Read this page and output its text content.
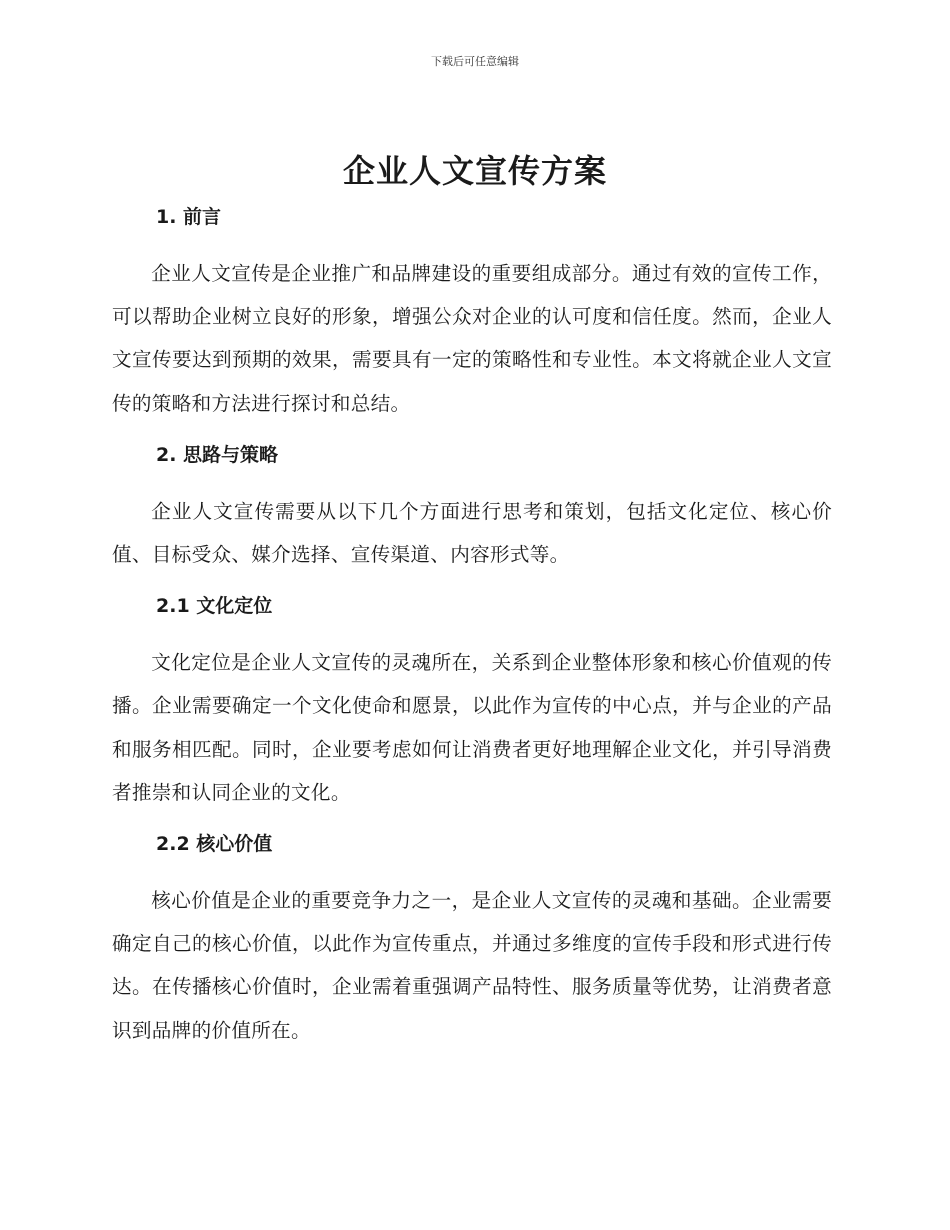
下载后可任意编辑
企业人文宣传方案
1. 前言

企业人文宣传是企业推广和品牌建设的重要组成部分。通过有效的宣传工作，可以帮助企业树立良好的形象，增强公众对企业的认可度和信任度。然而，企业人文宣传要达到预期的效果，需要具有一定的策略性和专业性。本文将就企业人文宣传的策略和方法进行探讨和总结。

2. 思路与策略

企业人文宣传需要从以下几个方面进行思考和策划，包括文化定位、核心价值、目标受众、媒介选择、宣传渠道、内容形式等。

2.1 文化定位

文化定位是企业人文宣传的灵魂所在，关系到企业整体形象和核心价值观的传播。企业需要确定一个文化使命和愿景，以此作为宣传的中心点，并与企业的产品和服务相匹配。同时，企业要考虑如何让消费者更好地理解企业文化，并引导消费者推崇和认同企业的文化。

2.2 核心价值

核心价值是企业的重要竞争力之一，是企业人文宣传的灵魂和基础。企业需要确定自己的核心价值，以此作为宣传重点，并通过多维度的宣传手段和形式进行传达。在传播核心价值时，企业需着重强调产品特性、服务质量等优势，让消费者意识到品牌的价值所在。
